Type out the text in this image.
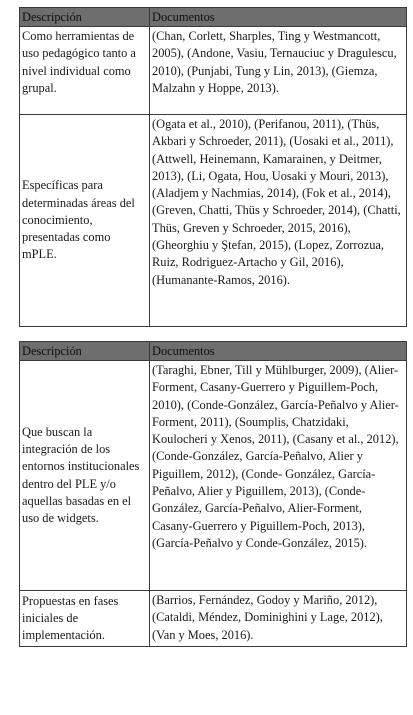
Descripción	Documentos
Como herramientas de uso pedagógico tanto a nivel individual como grupal.	(Chan, Corlett, Sharples, Ting y Westmancott, 2005), (Andone, Vasiu, Ternauciuc y Dragulescu, 2010), (Punjabi, Tung y Lin, 2013), (Giemza, Malzahn y Hoppe, 2013).
Específicas para determinadas áreas del conocimiento, presentadas como mPLE.	(Ogata et al., 2010), (Perifanou, 2011), (Thüs, Akbari y Schroeder, 2011), (Uosaki et al., 2011), (Attwell, Heinemann, Kamarainen, y Deitmer, 2013), (Li, Ogata, Hou, Uosaki y Mouri, 2013), (Aladjem y Nachmias, 2014), (Fok et al., 2014), (Greven, Chatti, Thüs y Schroeder, 2014), (Chatti, Thüs, Greven y Schroeder, 2015, 2016), (Gheorghiu y Ştefan, 2015), (Lopez, Zorrozua, Ruiz, Rodriguez-Artacho y Gil, 2016), (Humanante-Ramos, 2016).
Descripción	Documentos
Que buscan la integración de los entornos institucionales dentro del PLE y/o aquellas basadas en el uso de widgets.	(Taraghi, Ebner, Till y Mühlburger, 2009), (Alier-Forment, Casany-Guerrero y Piguillem-Poch, 2010), (Conde-González, García-Peñalvo y Alier-Forment, 2011), (Soumplis, Chatzidaki, Koulocheri y Xenos, 2011), (Casany et al., 2012), (Conde-González, García-Peñalvo, Alier y Piguillem, 2012), (Conde- González, García-Peñalvo, Alier y Piguillem, 2013), (Conde- González, García-Peñalvo, Alier-Forment, Casany-Guerrero y Piguillem-Poch, 2013), (García-Peñalvo y Conde-González, 2015).
Propuestas en fases iniciales de implementación.	(Barrios, Fernández, Godoy y Mariño, 2012), (Cataldi, Méndez, Dominighini y Lage, 2012), (Van y Moes, 2016).
